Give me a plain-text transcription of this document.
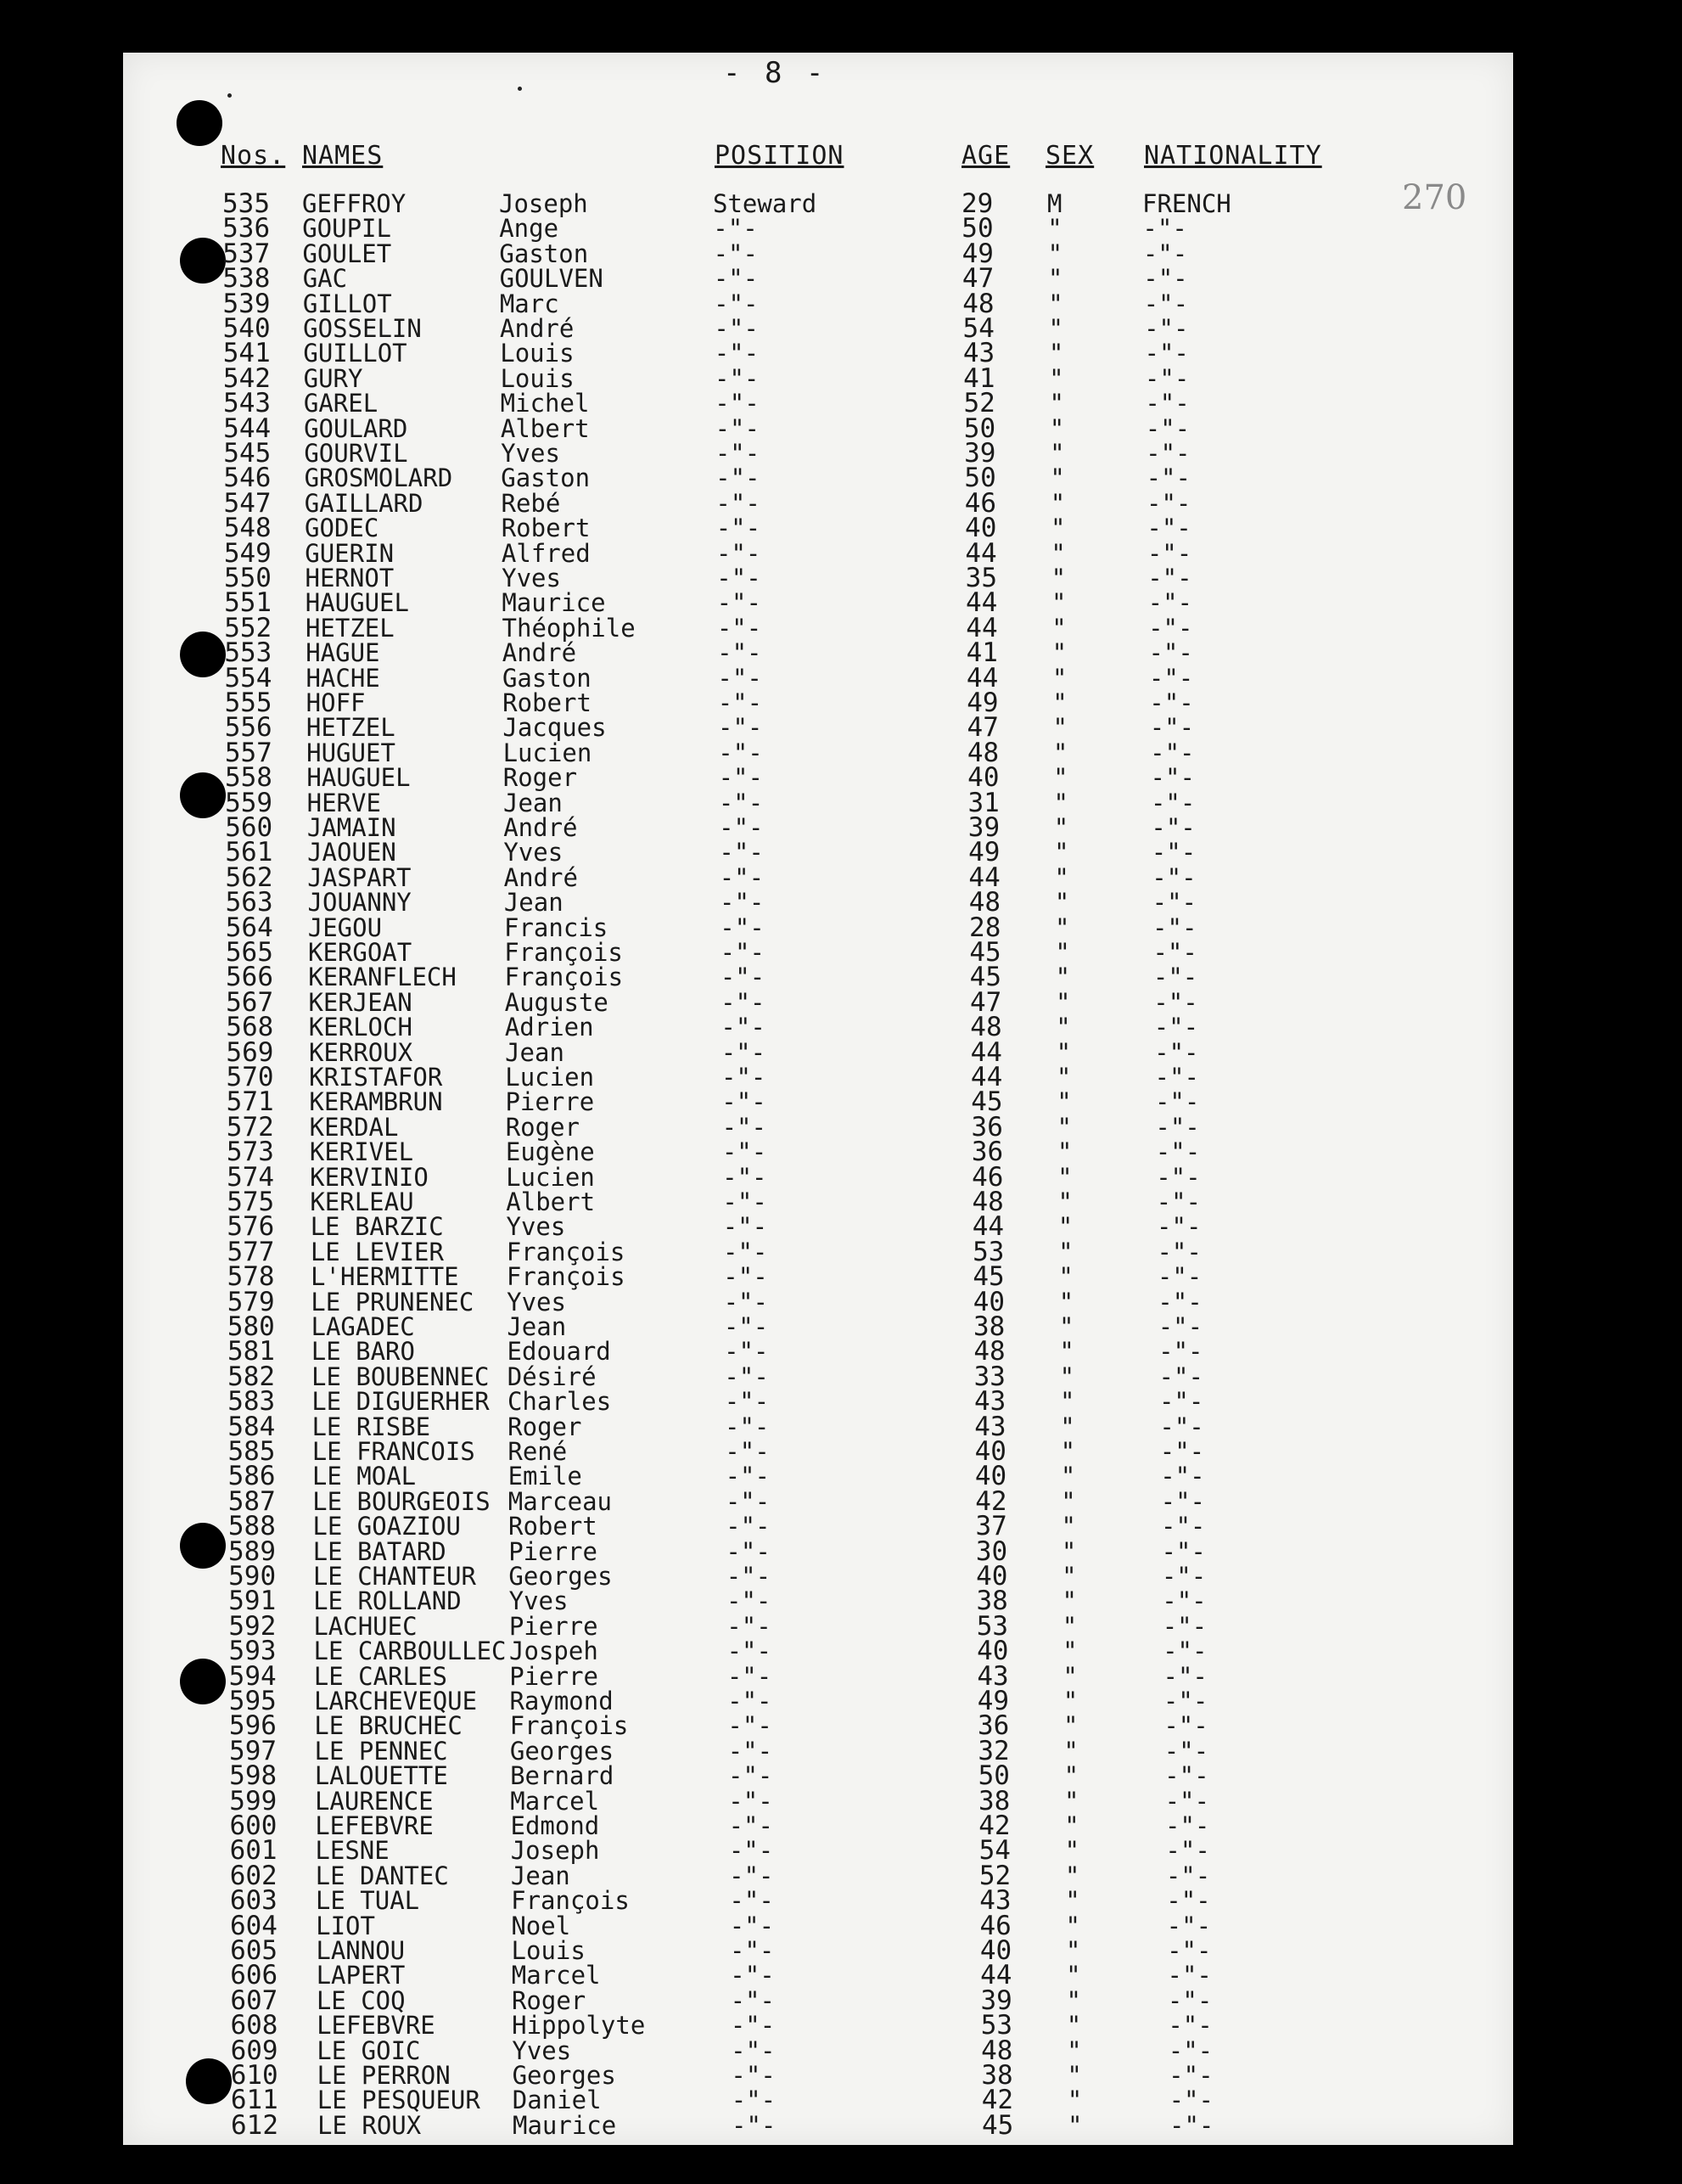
- 8 -
270
Nos. NAMES	POSITION	AGE SEX NATIONALITY
535 GEFFROY	Joseph	Steward	29 M	FRENCH
536 GOUPIL	Ange	-"-	50 "	-"-
537 GOULET	Gaston	-"-	49 "	-"-
538 GAC	GOULVEN	-"-	47 "	-"-
539 GILLOT	Marc	-"-	48 "	-"-
540 GOSSELIN	André	-"-	54 "	-"-
541 GUILLOT	Louis	-"-	43 "	-"-
542 GURY	Louis	-"-	41 "	-"-
543 GAREL	Michel	-"-	52 "	-"-
544 GOULARD	Albert	-"-	50 "	-"-
545 GOURVIL	Yves	-"-	39 "	-"-
546 GROSMOLARD Gaston	-"-	50 "	-"-
547 GAILLARD	Rebé	-"-	46 "	-"-
548 GODEC	Robert	-"-	40 "	-"-
549 GUERIN	Alfred	-"-	44 "	-"-
550 HERNOT	Yves	-"-	35 "	-"-
551 HAUGUEL	Maurice	-"-	44 "	-"-
552 HETZEL	Théophile	-"-	44 "	-"-
553 HAGUE	André	-"-	41 "	-"-
554 HACHE	Gaston	-"-	44 "	-"-
555 HOFF	Robert	-"-	49 "	-"-
556 HETZEL	Jacques	-"-	47 "	-"-
557 HUGUET	Lucien	-"-	48 "	-"-
558 HAUGUEL	Roger	-"-	40 "	-"-
559 HERVE	Jean	-"-	31 "	-"-
560 JAMAIN	André	-"-	39 "	-"-
561 JAOUEN	Yves	-"-	49 "	-"-
562 JASPART	André	-"-	44 "	-"-
563 JOUANNY	Jean	-"-	48 "	-"-
564 JEGOU	Francis	-"-	28 "	-"-
565 KERGOAT	François	-"-	45 "	-"-
566 KERANFLECH François	-"-	45 "	-"-
567 KERJEAN	Auguste	-"-	47 "	-"-
568 KERLOCH	Adrien	-"-	48 "	-"-
569 KERROUX	Jean	-"-	44 "	-"-
570 KRISTAFOR	Lucien	-"-	44 "	-"-
571 KERAMBRUN	Pierre	-"-	45 "	-"-
572 KERDAL	Roger	-"-	36 "	-"-
573 KERIVEL	Eugène	-"-	36 "	-"-
574 KERVINIO	Lucien	-"-	46 "	-"-
575 KERLEAU	Albert	-"-	48 "	-"-
576 LE BARZIC	Yves	-"-	44 "	-"-
577 LE LEVIER	François	-"-	53 "	-"-
578 L'HERMITTE François	-"-	45 "	-"-
579 LE PRUNENEC Yves	-"-	40 "	-"-
580 LAGADEC	Jean	-"-	38 "	-"-
581 LE BARO	Edouard	-"-	48 "	-"-
582 LE BOUBENNEC Désiré	-"-	33 "	-"-
583 LE DIGUERHER Charles	-"-	43 "	-"-
584 LE RISBE	Roger	-"-	43 "	-"-
585 LE FRANCOIS René	-"-	40 "	-"-
586 LE MOAL	Emile	-"-	40 "	-"-
587 LE BOURGEOIS Marceau	-"-	42 "	-"-
588 LE GOAZIOU Robert	-"-	37 "	-"-
589 LE BATARD	Pierre	-"-	30 "	-"-
590 LE CHANTEUR Georges	-"-	40 "	-"-
591 LE ROLLAND Yves	-"-	38 "	-"-
592 LACHUEC	Pierre	-"-	53 "	-"-
593 LE CARBOULLEC Jospeh	-"-	40 "	-"-
594 LE CARLES	Pierre	-"-	43 "	-"-
595 LARCHEVEQUE Raymond	-"-	49 "	-"-
596 LE BRUCHEC François	-"-	36 "	-"-
597 LE PENNEC	Georges	-"-	32 "	-"-
598 LALOUETTE	Bernard	-"-	50 "	-"-
599 LAURENCE	Marcel	-"-	38 "	-"-
600 LEFEBVRE	Edmond	-"-	42 "	-"-
601 LESNE	Joseph	-"-	54 "	-"-
602 LE DANTEC	Jean	-"-	52 "	-"-
603 LE TUAL	François	-"-	43 "	-"-
604 LIOT	Noel	-"-	46 "	-"-
605 LANNOU	Louis	-"-	40 "	-"-
606 LAPERT	Marcel	-"-	44 "	-"-
607 LE COQ	Roger	-"-	39 "	-"-
608 LEFEBVRE	Hippolyte	-"-	53 "	-"-
609 LE GOIC	Yves	-"-	48 "	-"-
610 LE PERRON	Georges	-"-	38 "	-"-
611 LE PESQUEUR Daniel	-"-	42 "	-"-
612 LE ROUX	Maurice	-"-	45 "	-"-
